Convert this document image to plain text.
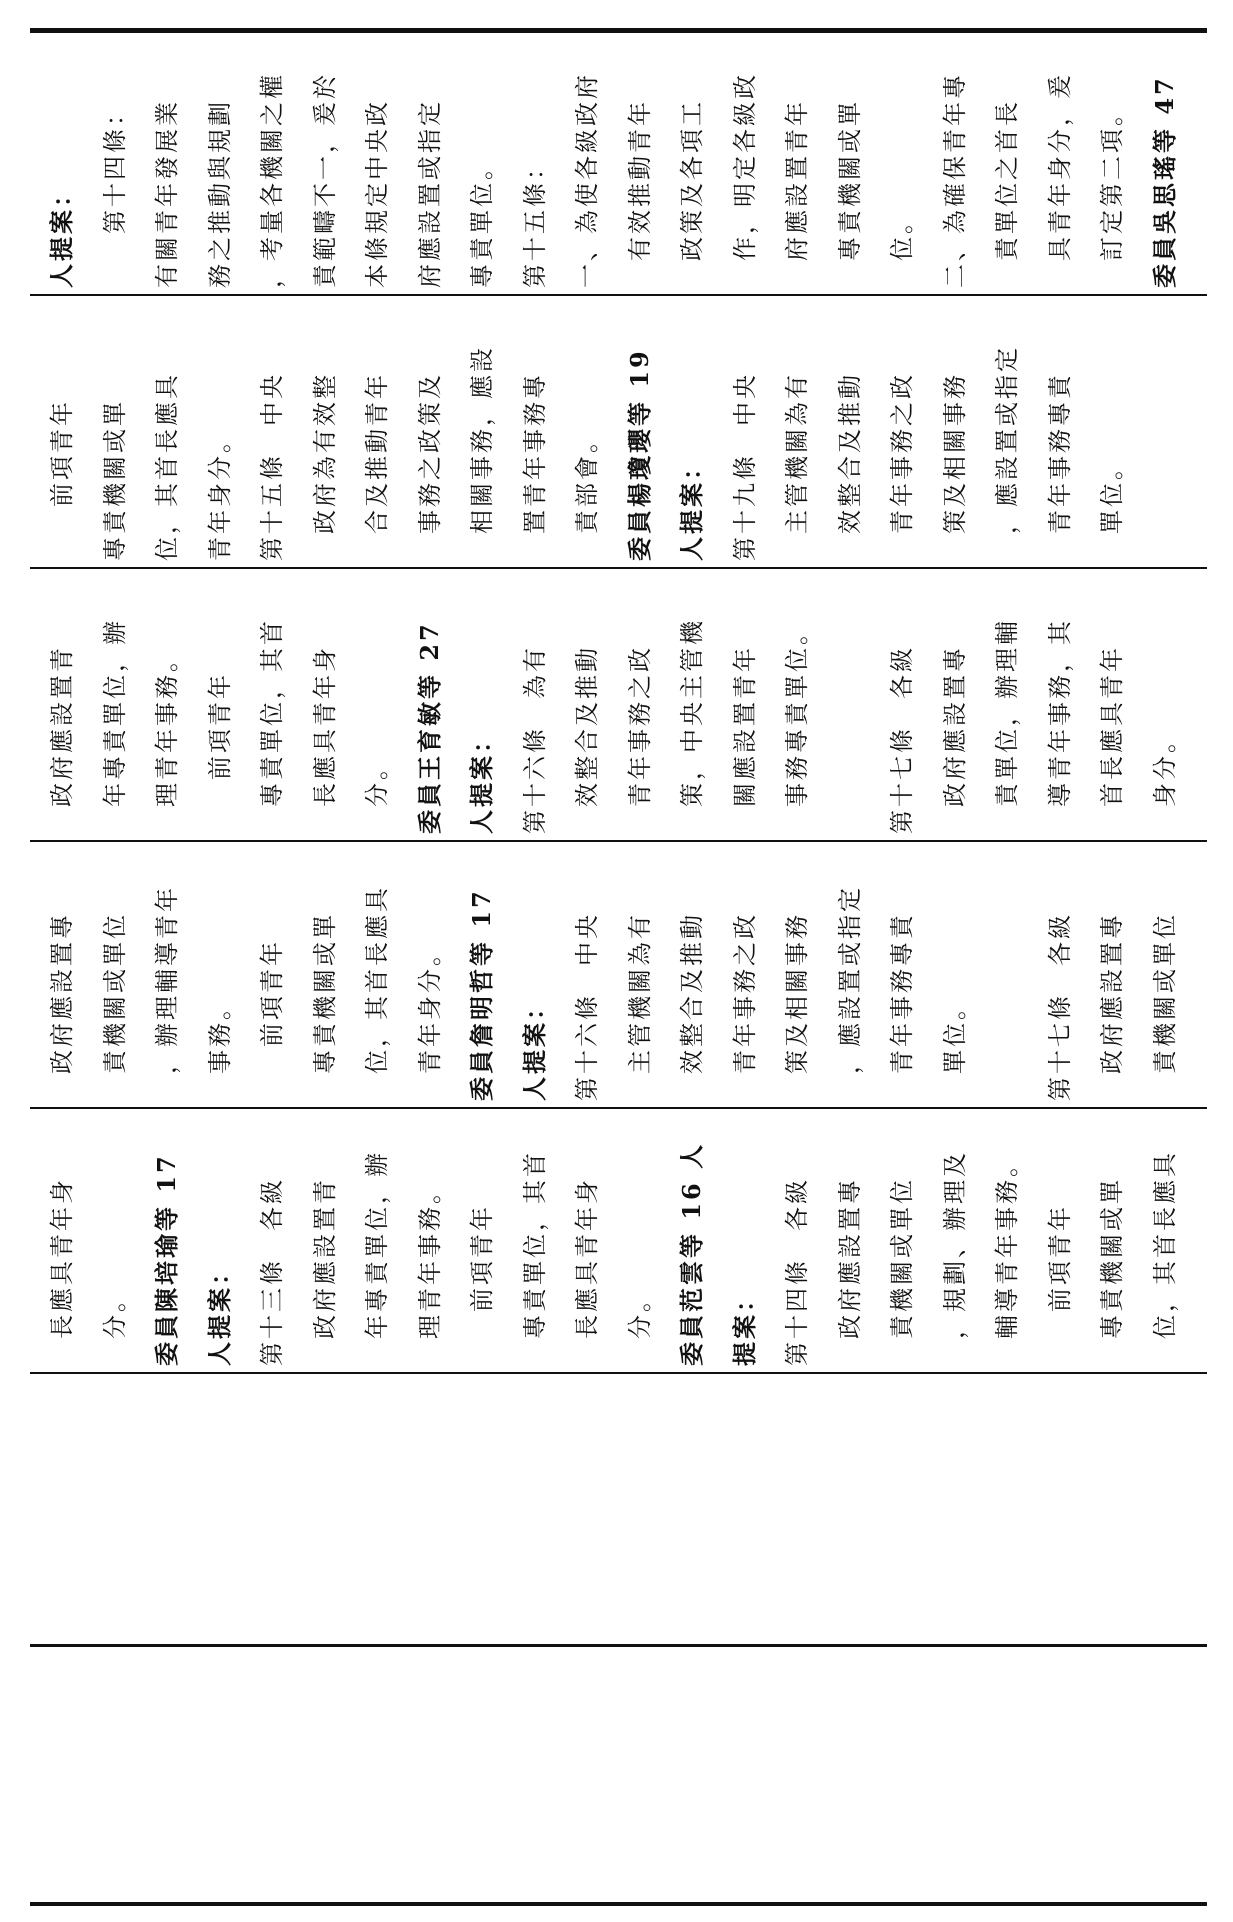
人提案： 　　第十四條： 有關青年發展業 務之推動與規劃 ，考量各機關之權 責範疇不一，爰於 本條規定中央政 府應設置或指定 專責單位。 第十五條： 一、為使各級政府 　有效推動青年 　政策及各項工 　作，明定各級政 　府應設置青年 　專責機關或單 　位。 二、為確保青年專 　責單位之首長 　具青年身分，爰 　訂定第二項。 委員吳思瑤等 47
　　前項青年 專責機關或單 位，其首長應具 青年身分。 第十五條　中央 　政府為有效整 　合及推動青年 　事務之政策及 　相關事務，應設 　置青年事務專 　責部會。 委員楊瓊瓔等 19 人提案： 第十九條　中央 　主管機關為有 　效整合及推動 　青年事務之政 　策及相關事務 　，應設置或指定 　青年事務專責 　單位。
　政府應設置青 　年專責單位，辦 　理青年事務。 　　前項青年 　專責單位，其首 　長應具青年身 　分。 委員王育敏等 27 人提案： 第十六條　為有 　效整合及推動 　青年事務之政 　策，中央主管機 　關應設置青年 　事務專責單位。	第十七條　各級 　政府應設置專 　責單位，辦理輔 　導青年事務，其 　首長應具青年 　身分。
　政府應設置專 　責機關或單位 　，辦理輔導青年 　事務。 　　前項青年 　專責機關或單 　位，其首長應具 　青年身分。 委員詹明哲等 17 人提案： 第十六條　中央 　主管機關為有 　效整合及推動 　青年事務之政 　策及相關事務 　，應設置或指定 　青年事務專責 　單位。	第十七條　各級 　政府應設置專 　責機關或單位
　長應具青年身 　分。 委員陳培瑜等 17 人提案： 第十三條　各級 　政府應設置青 　年專責單位，辦 　理青年事務。 　　前項青年 　專責單位，其首 　長應具青年身 　分。 委員范雲等 16 人 提案： 第十四條　各級 　政府應設置專 　責機關或單位 　，規劃、辦理及 　輔導青年事務。 　　前項青年 　專責機關或單 　位，其首長應具
